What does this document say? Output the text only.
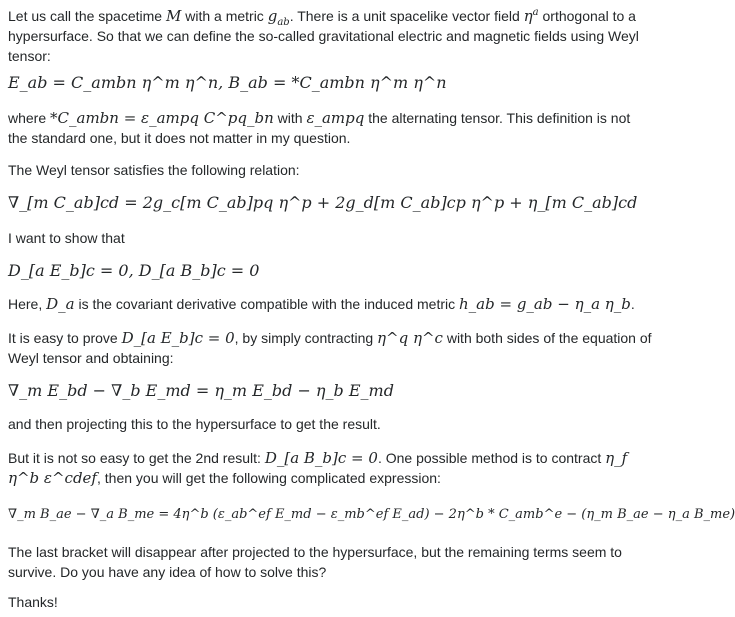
Let us call the spacetime M with a metric $g_{ab}$. There is a unit spacelike vector field $\eta^a$ orthogonal to a hypersurface. So that we can define the so-called gravitational electric and magnetic fields using Weyl tensor:

E_ab = C_ambn η^m η^n, B_ab = *C_ambn η^m η^n

where *C_ambn = ε_ampq C^pq_bn with ε_ampq the alternating tensor. This definition is not the standard one, but it does not matter in my question.

The Weyl tensor satisfies the following relation:

∇_[m C_ab]cd = 2g_c[m C_ab]pq η^p + 2g_d[m C_ab]cp η^p + η_[m C_ab]cd

I want to show that

D_[a E_b]c = 0, D_[a B_b]c = 0

Here, D_a is the covariant derivative compatible with the induced metric h_ab = g_ab − η_a η_b.

It is easy to prove D_[a E_b]c = 0, by simply contracting η^q η^c with both sides of the equation of Weyl tensor and obtaining:

∇_m E_bd − ∇_b E_md = η_m E_bd − η_b E_md

and then projecting this to the hypersurface to get the result.

But it is not so easy to get the 2nd result: D_[a B_b]c = 0. One possible method is to contract η_f η^b ε^cdef, then you will get the following complicated expression:

∇_m B_ae − ∇_a B_me = 4η^b (ε_ab^ef E_md − ε_mb^ef E_ad) − 2η^b * C_amb^e − (η_m B_ae − η_a B_me)

The last bracket will disappear after projected to the hypersurface, but the remaining terms seem to survive. Do you have any idea of how to solve this?

Thanks!
